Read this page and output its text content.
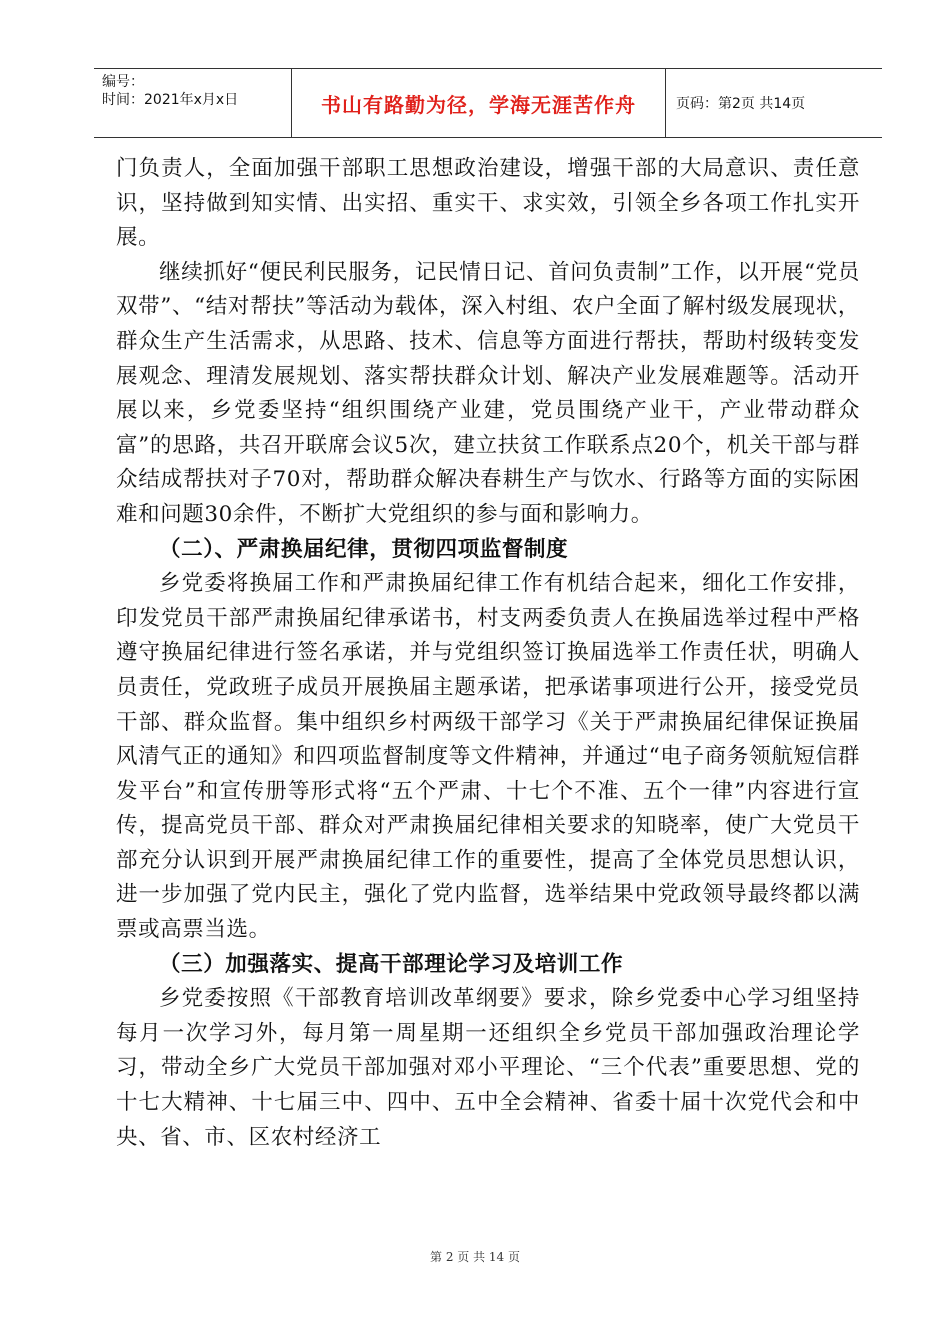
编号：
时间：2021年x月x日	书山有路勤为径，学海无涯苦作舟	页码：第2页 共14页

门负责人，全面加强干部职工思想政治建设，增强干部的大局意识、责任意识，坚持做到知实情、出实招、重实干、求实效，引领全乡各项工作扎实开展。

继续抓好“便民利民服务，记民情日记、首问负责制”工作，以开展“党员双带”、“结对帮扶”等活动为载体，深入村组、农户全面了解村级发展现状，群众生产生活需求，从思路、技术、信息等方面进行帮扶，帮助村级转变发展观念、理清发展规划、落实帮扶群众计划、解决产业发展难题等。活动开展以来，乡党委坚持“组织围绕产业建，党员围绕产业干，产业带动群众富”的思路，共召开联席会议5次，建立扶贫工作联系点20个，机关干部与群众结成帮扶对子70对，帮助群众解决春耕生产与饮水、行路等方面的实际困难和问题30余件，不断扩大党组织的参与面和影响力。

（二）、严肃换届纪律，贯彻四项监督制度

乡党委将换届工作和严肃换届纪律工作有机结合起来，细化工作安排，印发党员干部严肃换届纪律承诺书，村支两委负责人在换届选举过程中严格遵守换届纪律进行签名承诺，并与党组织签订换届选举工作责任状，明确人员责任，党政班子成员开展换届主题承诺，把承诺事项进行公开，接受党员干部、群众监督。集中组织乡村两级干部学习《关于严肃换届纪律保证换届风清气正的通知》和四项监督制度等文件精神，并通过“电子商务领航短信群发平台”和宣传册等形式将“五个严肃、十七个不准、五个一律”内容进行宣传，提高党员干部、群众对严肃换届纪律相关要求的知晓率，使广大党员干部充分认识到开展严肃换届纪律工作的重要性，提高了全体党员思想认识，进一步加强了党内民主，强化了党内监督，选举结果中党政领导最终都以满票或高票当选。

（三）加强落实、提高干部理论学习及培训工作

乡党委按照《干部教育培训改革纲要》要求，除乡党委中心学习组坚持每月一次学习外，每月第一周星期一还组织全乡党员干部加强政治理论学习，带动全乡广大党员干部加强对邓小平理论、“三个代表”重要思想、党的十七大精神、十七届三中、四中、五中全会精神、省委十届十次党代会和中央、省、市、区农村经济工

第 2 页 共 14 页
